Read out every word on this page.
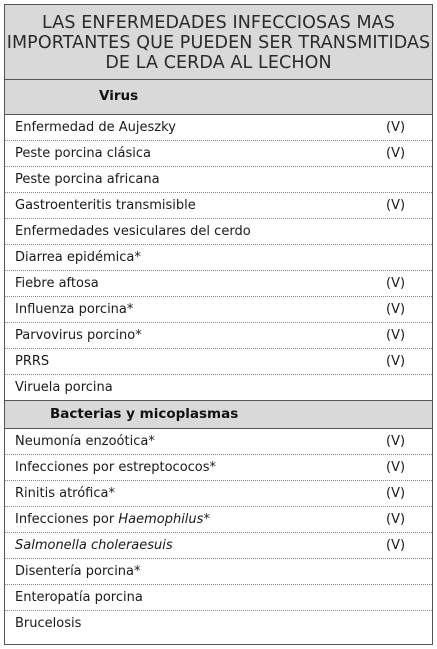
LAS ENFERMEDADES INFECCIOSAS MAS
IMPORTANTES QUE PUEDEN SER TRANSMITIDAS
DE LA CERDA AL LECHON
Virus
Enfermedad de Aujeszky	(V)
Peste porcina clásica	(V)
Peste porcina africana
Gastroenteritis transmisible	(V)
Enfermedades vesiculares del cerdo
Diarrea epidémica*
Fiebre aftosa	(V)
Influenza porcina*	(V)
Parvovirus porcino*	(V)
PRRS	(V)
Viruela porcina
Bacterias y micoplasmas
Neumonía enzoótica*	(V)
Infecciones por estreptococos*	(V)
Rinitis atrófica*	(V)
Infecciones por Haemophilus*	(V)
Salmonella choleraesuis	(V)
Disentería porcina*
Enteropatía porcina
Brucelosis
